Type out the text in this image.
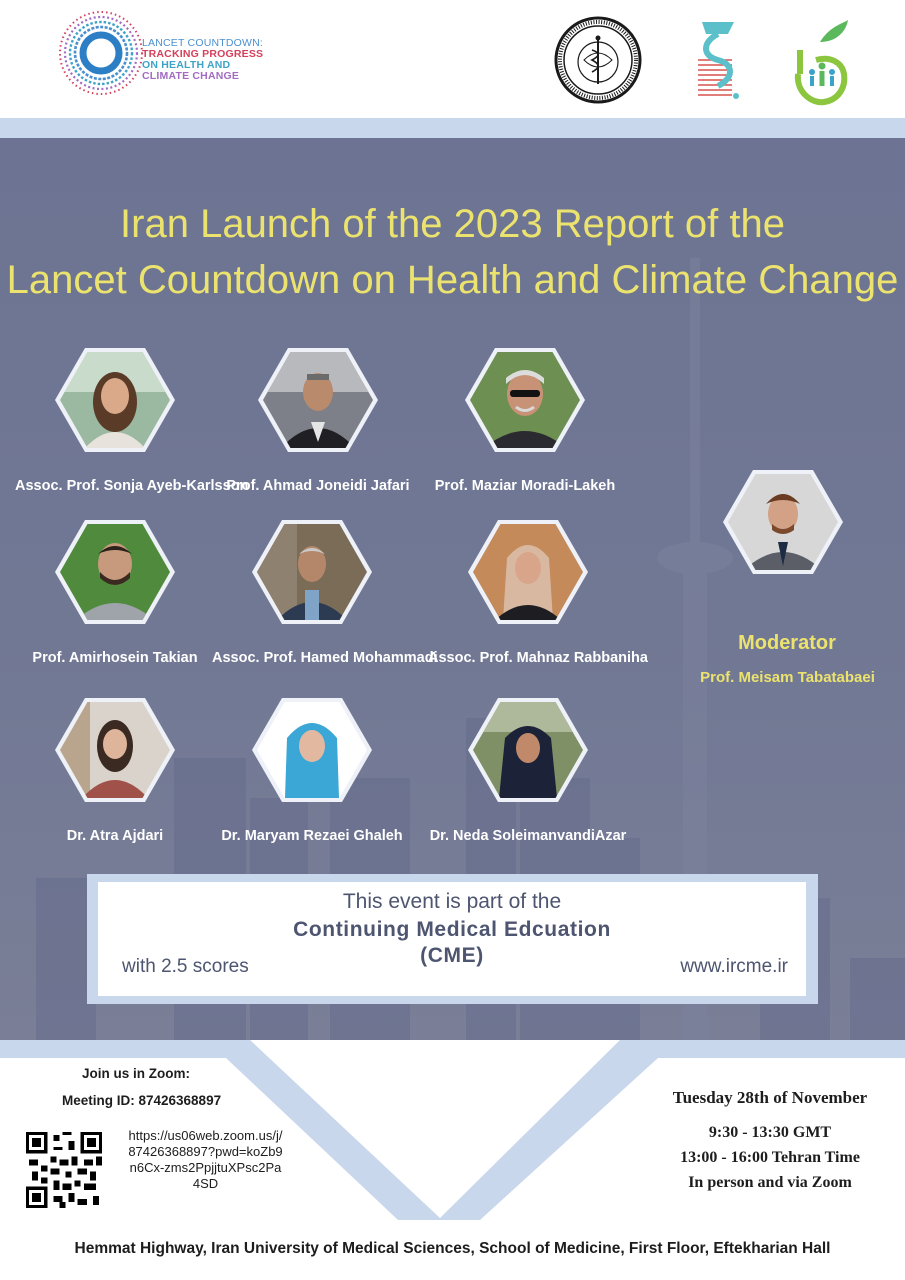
LANCET COUNTDOWN:
TRACKING PROGRESS
ON HEALTH AND
CLIMATE CHANGE
Iran Launch of the 2023 Report of the
Lancet Countdown on Health and Climate Change
Assoc. Prof. Sonja Ayeb-Karlsson
Prof. Ahmad Joneidi Jafari	Prof. Maziar Moradi-Lakeh
Prof. Amirhosein Takian Assoc. Prof. Hamed Mohammadi
Assoc. Prof. Mahnaz Rabbaniha
Dr. Atra Ajdari	Dr. Maryam Rezaei Ghaleh	Dr. Neda SoleimanvandiAzar
Moderator
Prof. Meisam Tabatabaei
This event is part of the
Continuing Medical Edcuation
(CME)
with 2.5 scores	www.ircme.ir
Join us in Zoom:
Meeting ID: 87426368897
https://us06web.zoom.us/j/87426368897?pwd=koZb9n6Cx-zms2PpjjtuXPsc2Pa4SD
Tuesday 28th of November
9:30 - 13:30 GMT
13:00 - 16:00 Tehran Time
In person and via Zoom
Hemmat Highway, Iran University of Medical Sciences, School of Medicine, First Floor, Eftekharian Hall
